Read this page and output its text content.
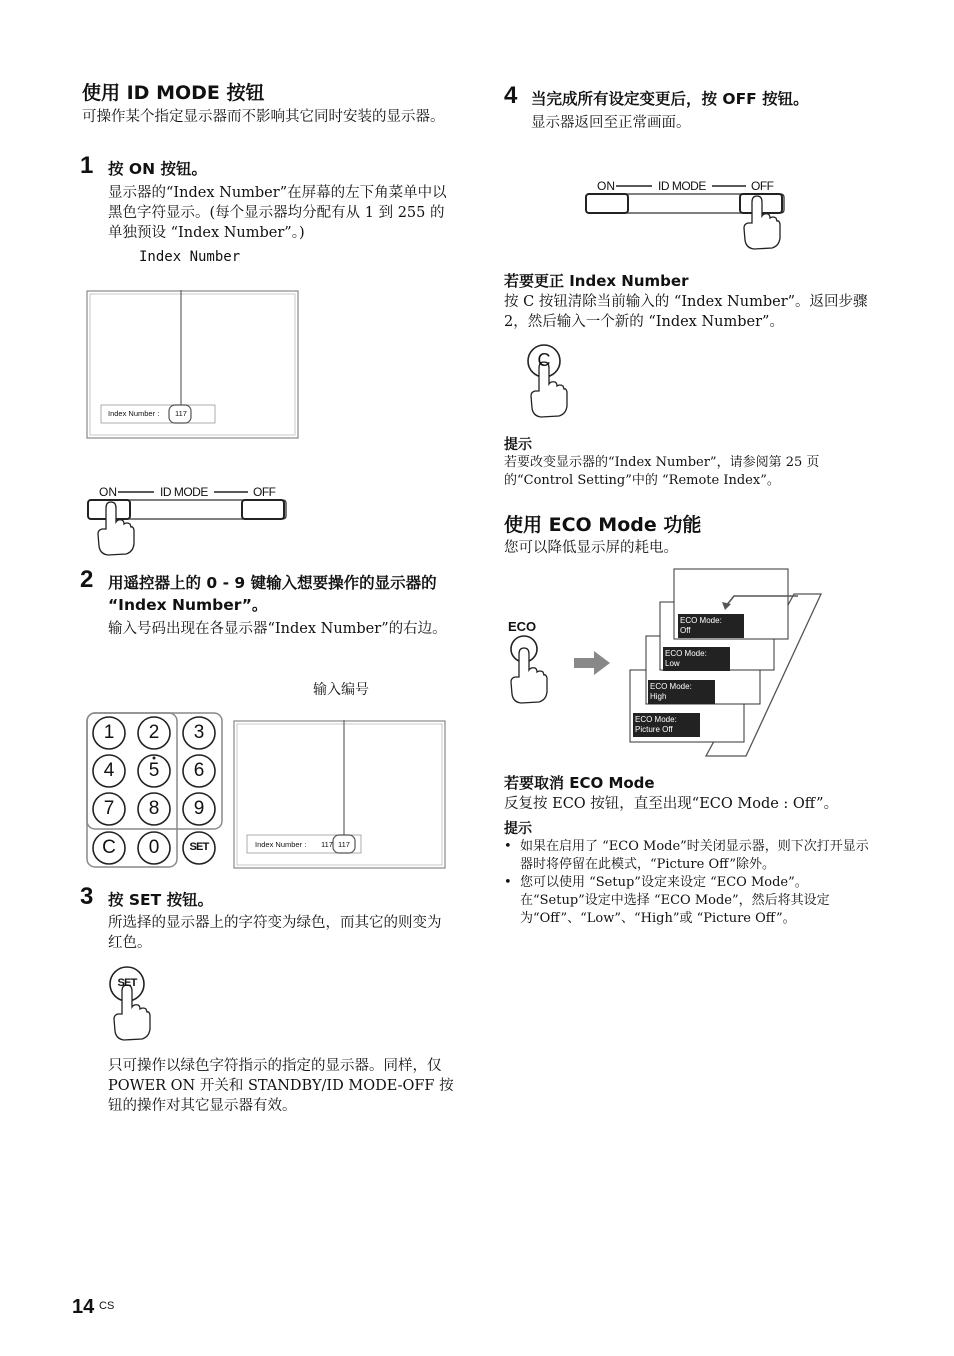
使用 ID MODE 按钮
可操作某个指定显示器而不影响其它同时安装的显示器。
1 按 ON 按钮。
显示器的“Index Number”在屏幕的左下角菜单中以黑色字符显示。(每个显示器均分配有从 1 到 255 的单独预设 “Index Number”。)
Index Number
Index Number : 117
ON	ID MODE	OFF
2 用遥控器上的 0 - 9 键输入想要操作的显示器的 “Index Number”。
输入号码出现在各显示器“Index Number”的右边。
输入编号
1 2 3
4 5 6
7 8 9
C 0	SET	Index Number : 117 117
3 按 SET 按钮。
所选择的显示器上的字符变为绿色，而其它的则变为红色。
SET
只可操作以绿色字符指示的指定的显示器。同样，仅 POWER ON 开关和 STANDBY/ID MODE-OFF 按钮的操作对其它显示器有效。
4 当完成所有设定变更后，按 OFF 按钮。
显示器返回至正常画面。
ON	ID MODE	OFF
若要更正 Index Number
按 C 按钮清除当前输入的 “Index Number”。返回步骤 2，然后输入一个新的 “Index Number”。
C
提示
若要改变显示器的“Index Number”，请参阅第 25 页的“Control Setting”中的 “Remote Index”。
使用 ECO Mode 功能
您可以降低显示屏的耗电。
ECO	ECO Mode:
Off
ECO Mode:
Low
ECO Mode:
High
ECO Mode:
Picture Off
若要取消 ECO Mode
反复按 ECO 按钮，直至出现“ECO Mode : Off”。
提示
• 如果在启用了 “ECO Mode”时关闭显示器，则下次打开显示器时将停留在此模式，“Picture Off”除外。
• 您可以使用 “Setup”设定来设定 “ECO Mode”。在“Setup”设定中选择 “ECO Mode”，然后将其设定为“Off”、“Low”、“High”或 “Picture Off”。
14 CS
